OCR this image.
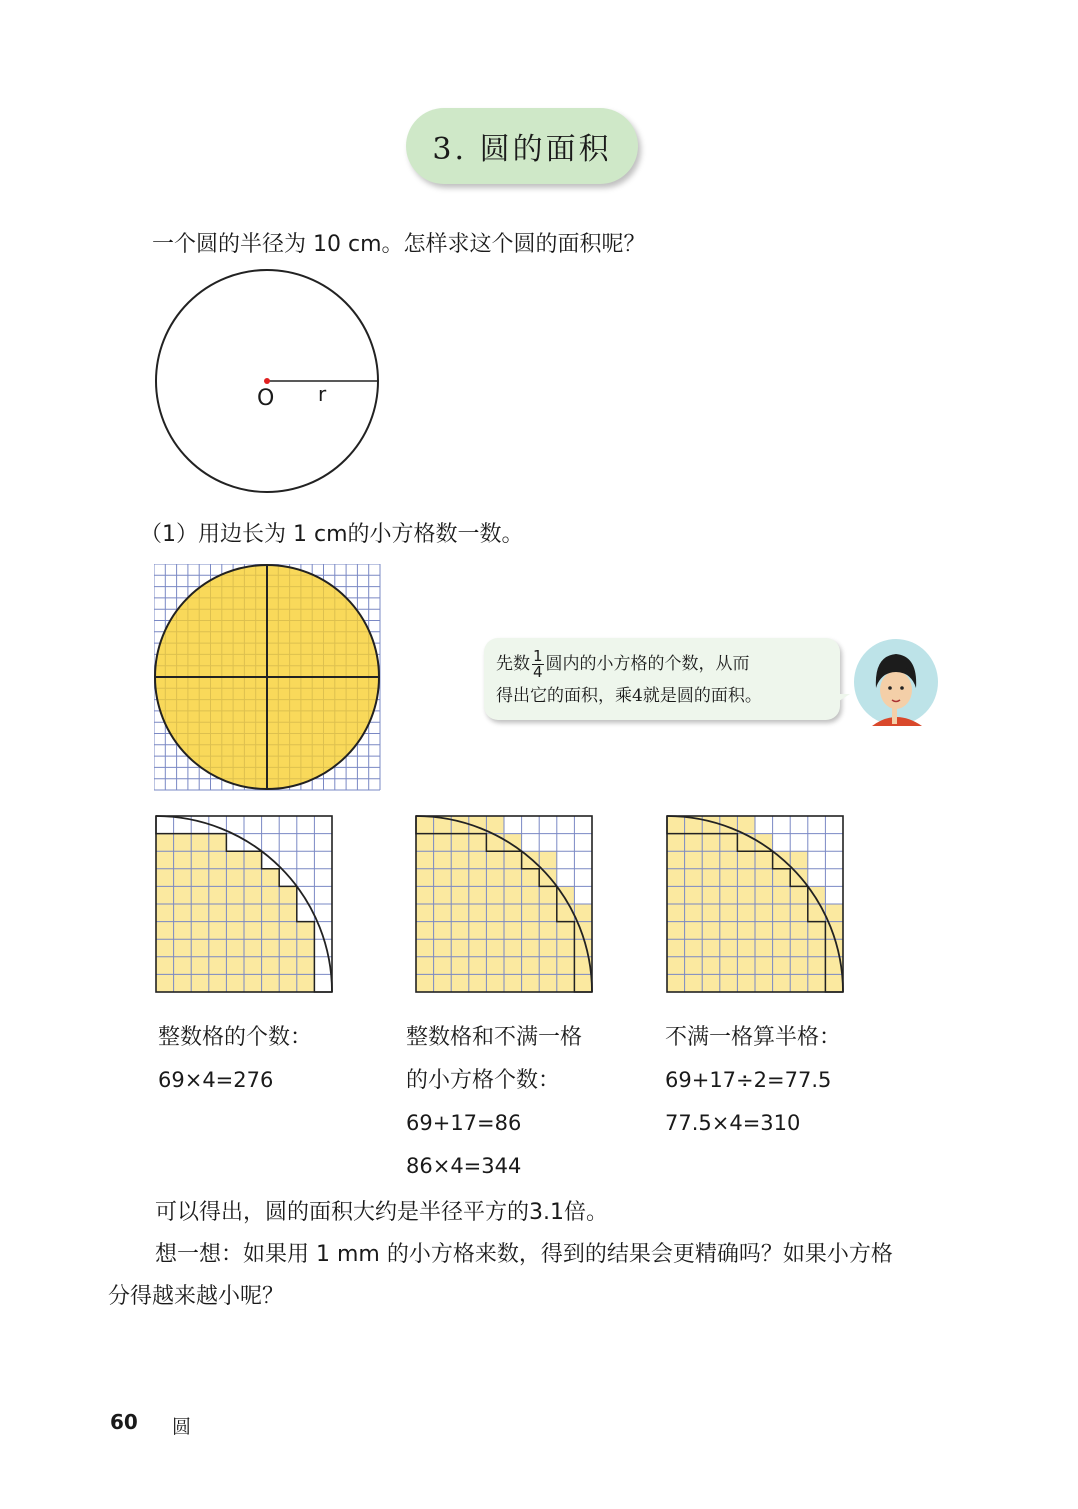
3. 圆的面积
一个圆的半径为 10 cm。怎样求这个圆的面积呢？
O r
（1）用边长为 1 cm的小方格数一数。
先数 $\frac{1}{4}$ 圆内的小方格的个数，从而
得出它的面积，乘4就是圆的面积。
整数格的个数：
69×4=276
整数格和不满一格
的小方格个数：
69+17=86
86×4=344
不满一格算半格：
69+17÷2=77.5
77.5×4=310
可以得出，圆的面积大约是半径平方的3.1倍。
想一想：如果用 1 mm 的小方格来数，得到的结果会更精确吗？如果小方格
分得越来越小呢？
60 圆
